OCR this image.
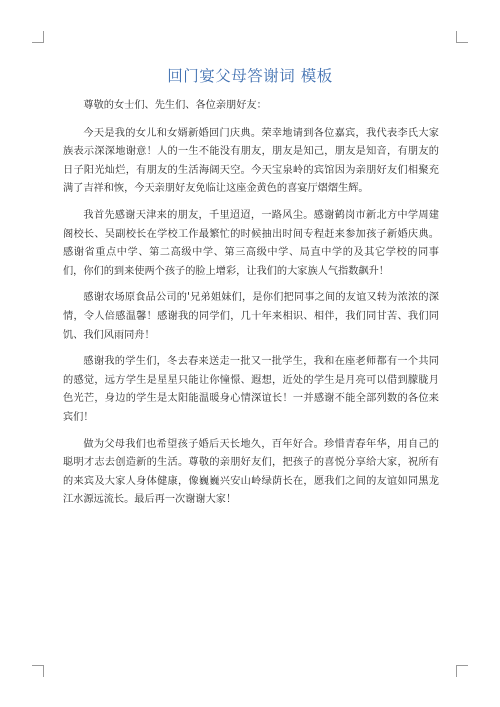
回门宴父母答谢词 模板

尊敬的女士们、先生们、各位亲朋好友：

今天是我的女儿和女婿新婚回门庆典。荣幸地请到各位嘉宾，我代表李氏大家族表示深深地谢意！人的一生不能没有朋友，朋友是知己，朋友是知音，有朋友的日子阳光灿烂，有朋友的生活海阔天空。今天宝泉岭的宾馆因为亲朋好友们相聚充满了吉祥和恢，今天亲朋好友免临让这座金黄色的喜宴厅熠熠生辉。

我首先感谢天津来的朋友，千里迢迢，一路风尘。感谢鹤岗市新北方中学周建阁校长、吴副校长在学校工作最繁忙的时候抽出时间专程赶来参加孩子新婚庆典。感谢省重点中学、第二高级中学、第三高级中学、局直中学的及其它学校的同事们，你们的到来使两个孩子的脸上增彩，让我们的大家族人气指数飙升！

感谢农场原食品公司的'兄弟姐妹们，是你们把同事之间的友谊又转为浓浓的深情，令人倍感温馨！感谢我的同学们，几十年来相识、相伴，我们同甘苦、我们同饥、我们风雨同舟！

感谢我的学生们，冬去春来送走一批又一批学生，我和在座老师都有一个共同的感觉，远方学生是星星只能让你憧憬、遐想，近处的学生是月亮可以借到朦胧月色光芒，身边的学生是太阳能温暖身心情深谊长！一并感谢不能全部列数的各位来宾们！

做为父母我们也希望孩子婚后天长地久，百年好合。珍惜青春年华，用自己的聪明才志去创造新的生活。尊敬的亲朋好友们，把孩子的喜悦分享给大家，祝所有的来宾及大家人身体健康，像巍巍兴安山岭绿荫长在，愿我们之间的友谊如同黑龙江水源远流长。最后再一次谢谢大家！
